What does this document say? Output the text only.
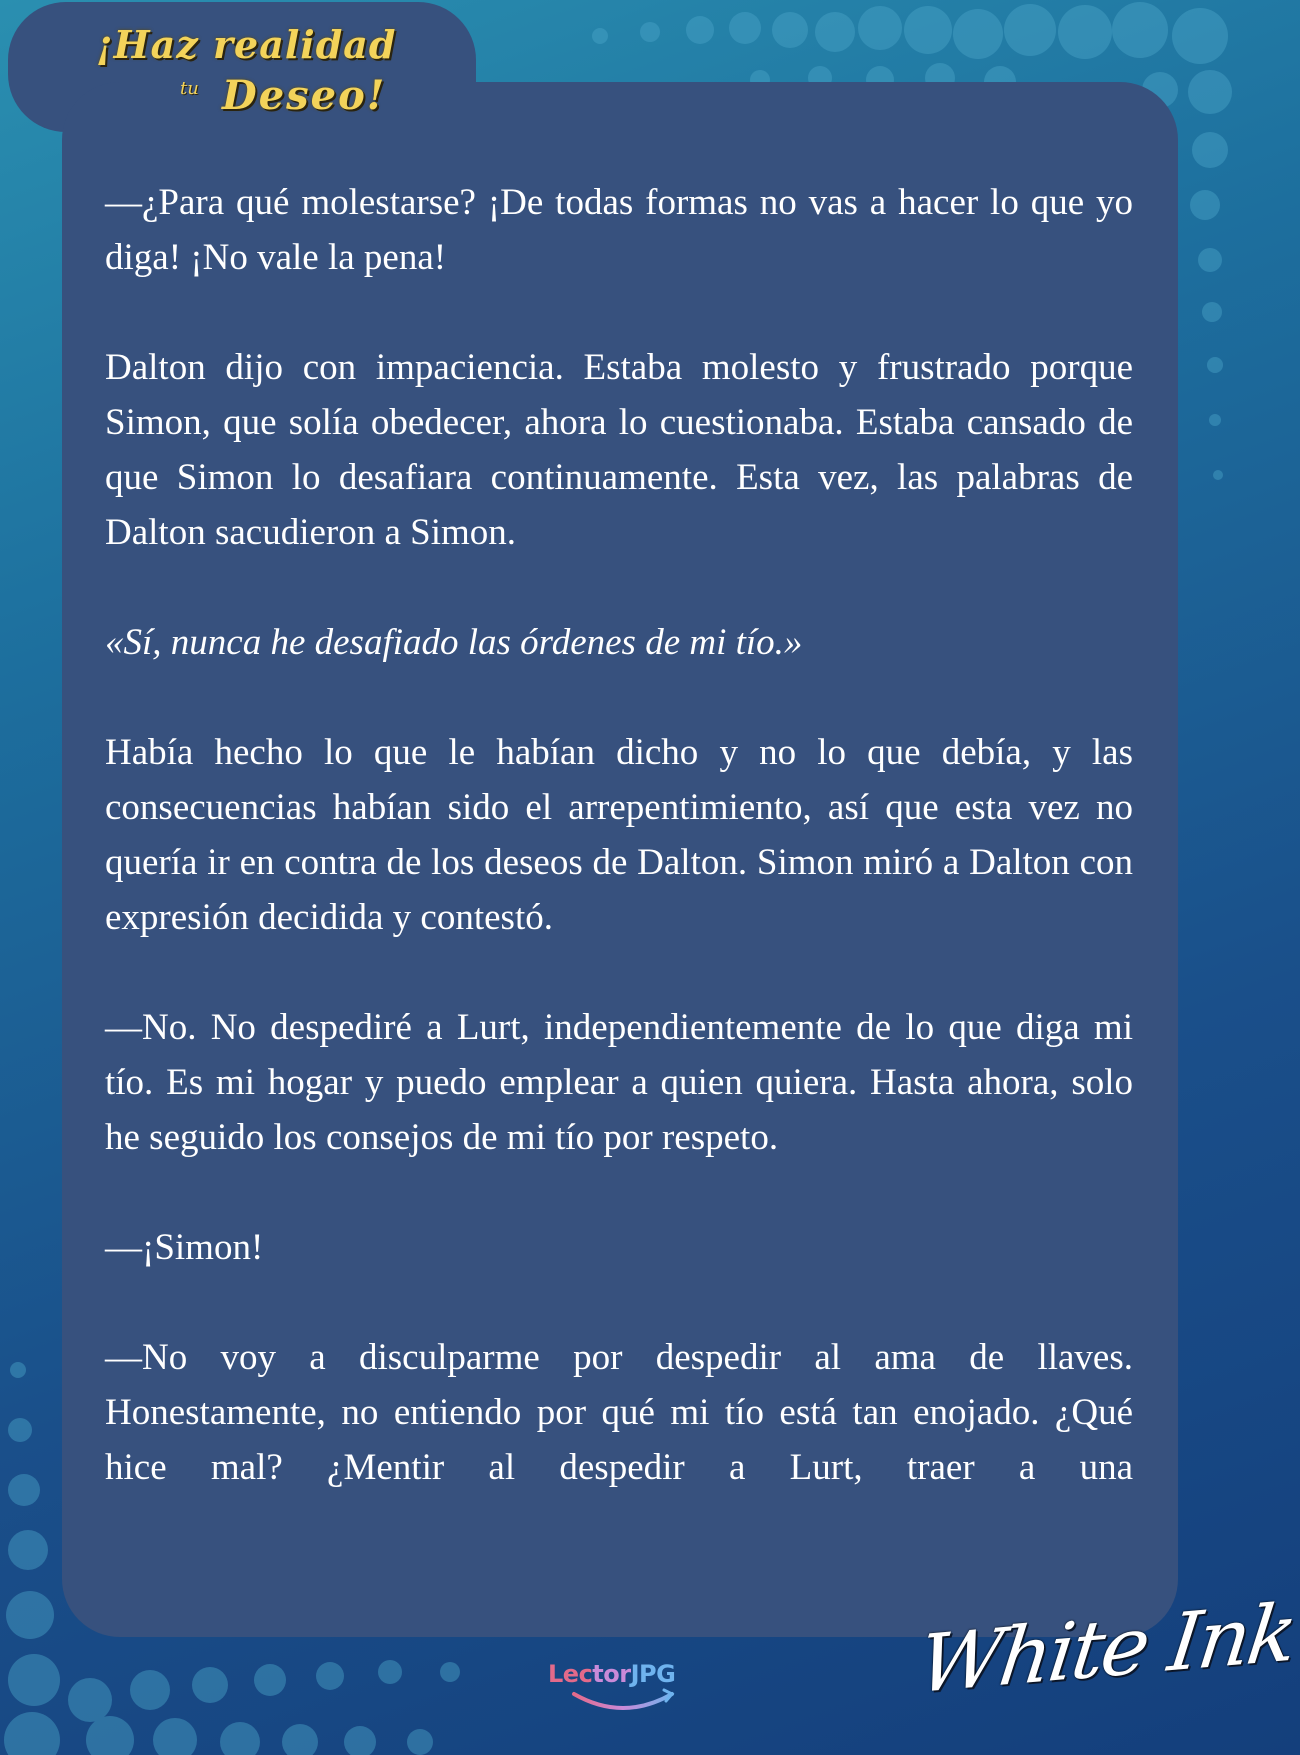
¡Haz realidad
tu Deseo!

—¿Para qué molestarse? ¡De todas formas no vas a hacer lo que yo diga! ¡No vale la pena!

Dalton dijo con impaciencia. Estaba molesto y frustrado porque Simon, que solía obedecer, ahora lo cuestionaba. Estaba cansado de que Simon lo desafiara continuamente. Esta vez, las palabras de Dalton sacudieron a Simon.

«Sí, nunca he desafiado las órdenes de mi tío.»

Había hecho lo que le habían dicho y no lo que debía, y las consecuencias habían sido el arrepentimiento, así que esta vez no quería ir en contra de los deseos de Dalton. Simon miró a Dalton con expresión decidida y contestó.

—No. No despediré a Lurt, independientemente de lo que diga mi tío. Es mi hogar y puedo emplear a quien quiera. Hasta ahora, solo he seguido los consejos de mi tío por respeto.

—¡Simon!

—No voy a disculparme por despedir al ama de llaves. Honestamente, no entiendo por qué mi tío está tan enojado. ¿Qué hice mal? ¿Mentir al despedir a Lurt, traer a una

LectorJPG	White Ink
